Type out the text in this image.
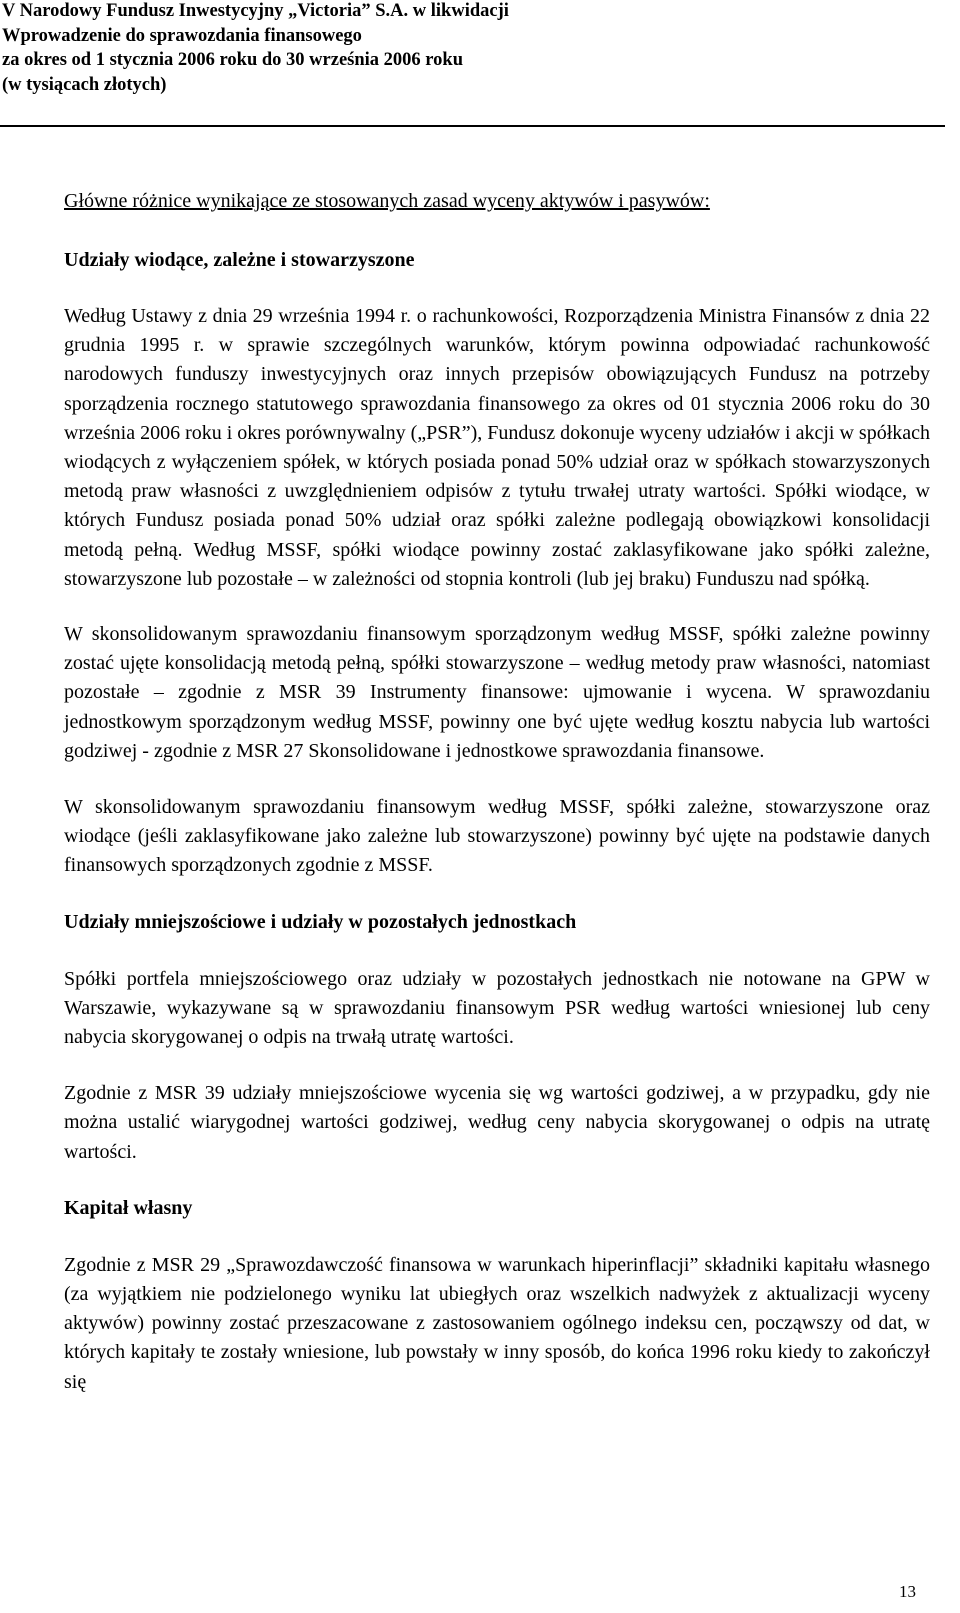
V Narodowy Fundusz Inwestycyjny „Victoria” S.A. w likwidacji
Wprowadzenie do sprawozdania finansowego
za okres od 1 stycznia 2006 roku do 30 września 2006 roku
(w tysiącach złotych)

Główne różnice wynikające ze stosowanych zasad wyceny aktywów i pasywów:

Udziały wiodące, zależne i stowarzyszone

Według Ustawy z dnia 29 września 1994 r. o rachunkowości, Rozporządzenia Ministra Finansów z dnia 22 grudnia 1995 r. w sprawie szczególnych warunków, którym powinna odpowiadać rachunkowość narodowych funduszy inwestycyjnych oraz innych przepisów obowiązujących Fundusz na potrzeby sporządzenia rocznego statutowego sprawozdania finansowego za okres od 01 stycznia 2006 roku do 30 września 2006 roku i okres porównywalny („PSR”), Fundusz dokonuje wyceny udziałów i akcji w spółkach wiodących z wyłączeniem spółek, w których posiada ponad 50% udział oraz w spółkach stowarzyszonych metodą praw własności z uwzględnieniem odpisów z tytułu trwałej utraty wartości. Spółki wiodące, w których Fundusz posiada ponad 50% udział oraz spółki zależne podlegają obowiązkowi konsolidacji metodą pełną. Według MSSF, spółki wiodące powinny zostać zaklasyfikowane jako spółki zależne, stowarzyszone lub pozostałe – w zależności od stopnia kontroli (lub jej braku) Funduszu nad spółką.

W skonsolidowanym sprawozdaniu finansowym sporządzonym według MSSF, spółki zależne powinny zostać ujęte konsolidacją metodą pełną, spółki stowarzyszone – według metody praw własności, natomiast pozostałe – zgodnie z MSR 39 Instrumenty finansowe: ujmowanie i wycena. W sprawozdaniu jednostkowym sporządzonym według MSSF, powinny one być ujęte według kosztu nabycia lub wartości godziwej - zgodnie z MSR 27 Skonsolidowane i jednostkowe sprawozdania finansowe.

W skonsolidowanym sprawozdaniu finansowym według MSSF, spółki zależne, stowarzyszone oraz wiodące (jeśli zaklasyfikowane jako zależne lub stowarzyszone) powinny być ujęte na podstawie danych finansowych sporządzonych zgodnie z MSSF.

Udziały mniejszościowe i udziały w pozostałych jednostkach

Spółki portfela mniejszościowego oraz udziały w pozostałych jednostkach nie notowane na GPW w Warszawie, wykazywane są w sprawozdaniu finansowym PSR według wartości wniesionej lub ceny nabycia skorygowanej o odpis na trwałą utratę wartości.

Zgodnie z MSR 39 udziały mniejszościowe wycenia się wg wartości godziwej, a w przypadku, gdy nie można ustalić wiarygodnej wartości godziwej, według ceny nabycia skorygowanej o odpis na utratę wartości.

Kapitał własny

Zgodnie z MSR 29 „Sprawozdawczość finansowa w warunkach hiperinflacji” składniki kapitału własnego (za wyjątkiem nie podzielonego wyniku lat ubiegłych oraz wszelkich nadwyżek z aktualizacji wyceny aktywów) powinny zostać przeszacowane z zastosowaniem ogólnego indeksu cen, począwszy od dat, w których kapitały te zostały wniesione, lub powstały w inny sposób, do końca 1996 roku kiedy to zakończył się

13
